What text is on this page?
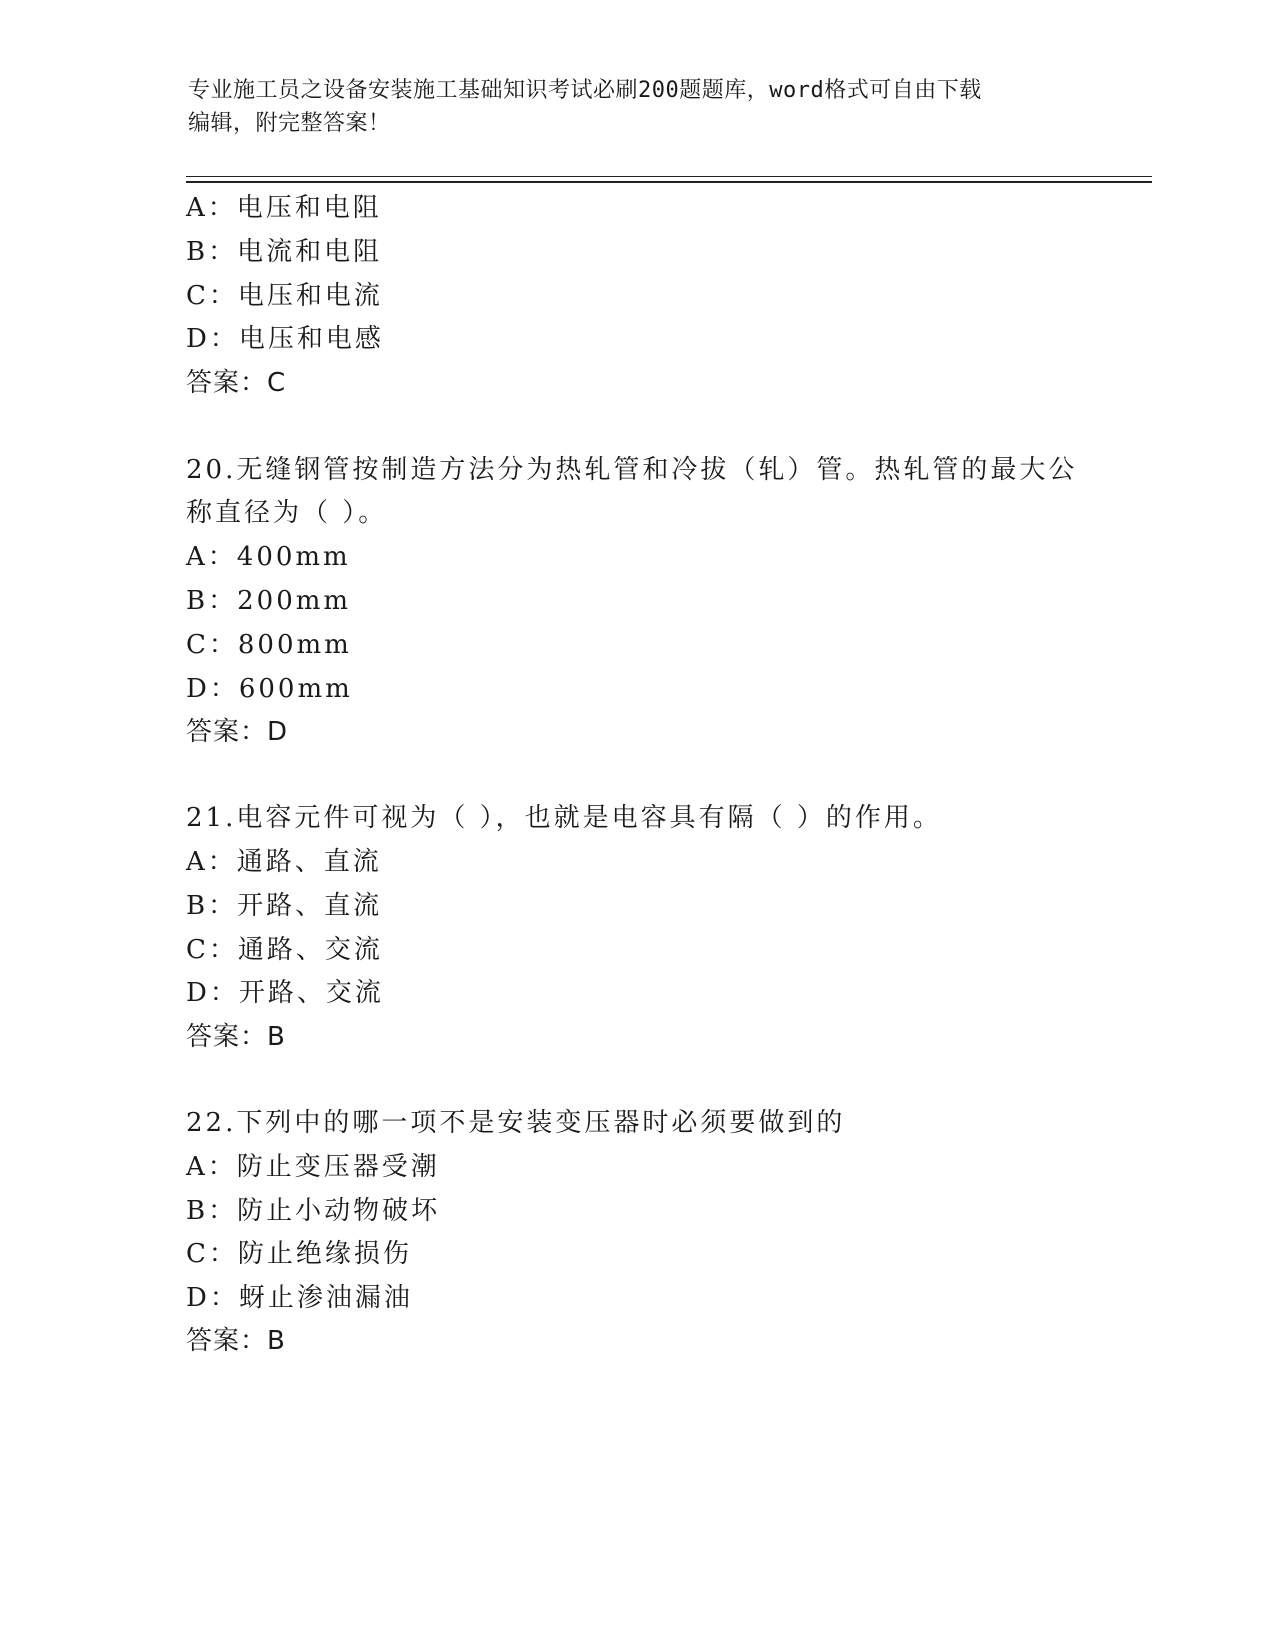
专业施工员之设备安装施工基础知识考试必刷200题题库，word格式可自由下载
编辑，附完整答案！
A：电压和电阻
B：电流和电阻
C：电压和电流
D：电压和电感
答案：C
20.无缝钢管按制造方法分为热轧管和冷拔（轧）管。热轧管的最大公
称直径为（ ）。
A：400mm
B：200mm
C：800mm
D：600mm
答案：D
21.电容元件可视为（ ），也就是电容具有隔（ ）的作用。
A：通路、直流
B：开路、直流
C：通路、交流
D：开路、交流
答案：B
22.下列中的哪一项不是安装变压器时必须要做到的
A：防止变压器受潮
B：防止小动物破坏
C：防止绝缘损伤
D：蚜止渗油漏油
答案：B
